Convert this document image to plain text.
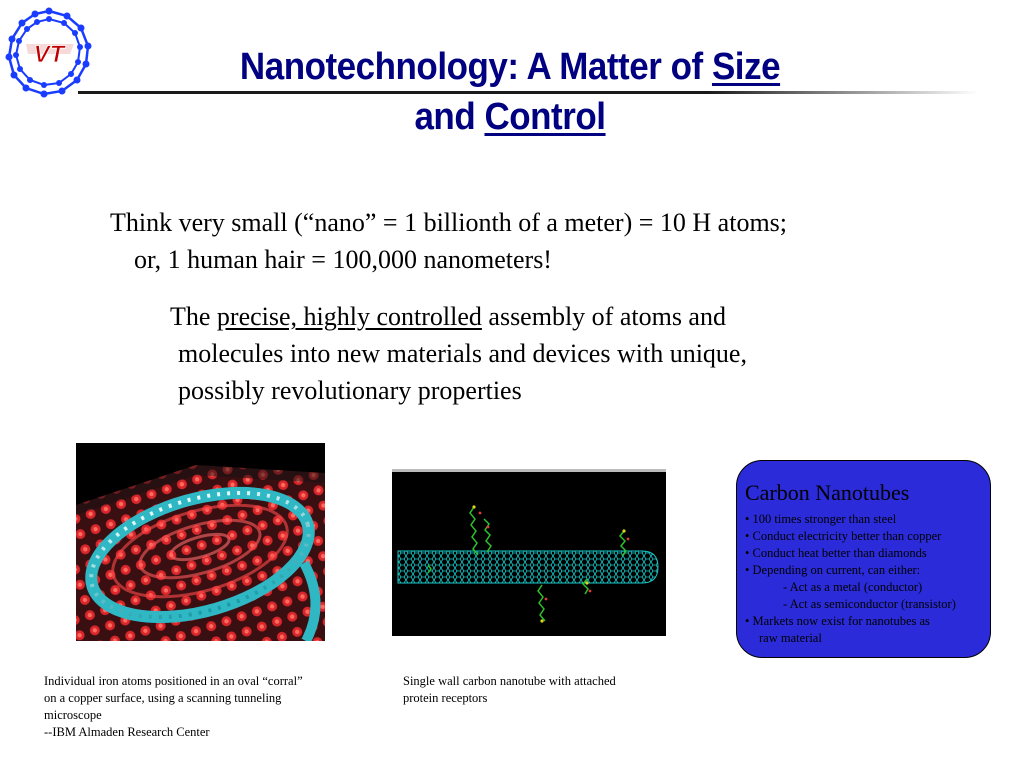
VT	Nanotechnology: A Matter of Size
and Control
Think very small (“nano” = 1 billionth of a meter) = 10 H atoms;
or, 1 human hair = 100,000 nanometers!
The precise, highly controlled assembly of atoms and
molecules into new materials and devices with unique,
possibly revolutionary properties
Carbon Nanotubes
• 100 times stronger than steel
• Conduct electricity better than copper
• Conduct heat better than diamonds
• Depending on current, can either:
- Act as a metal (conductor)
- Act as semiconductor (transistor)
• Markets now exist for nanotubes as
raw material
Individual iron atoms positioned in an oval “corral”
on a copper surface, using a scanning tunneling
microscope
--IBM Almaden Research Center
Single wall carbon nanotube with attached
protein receptors
